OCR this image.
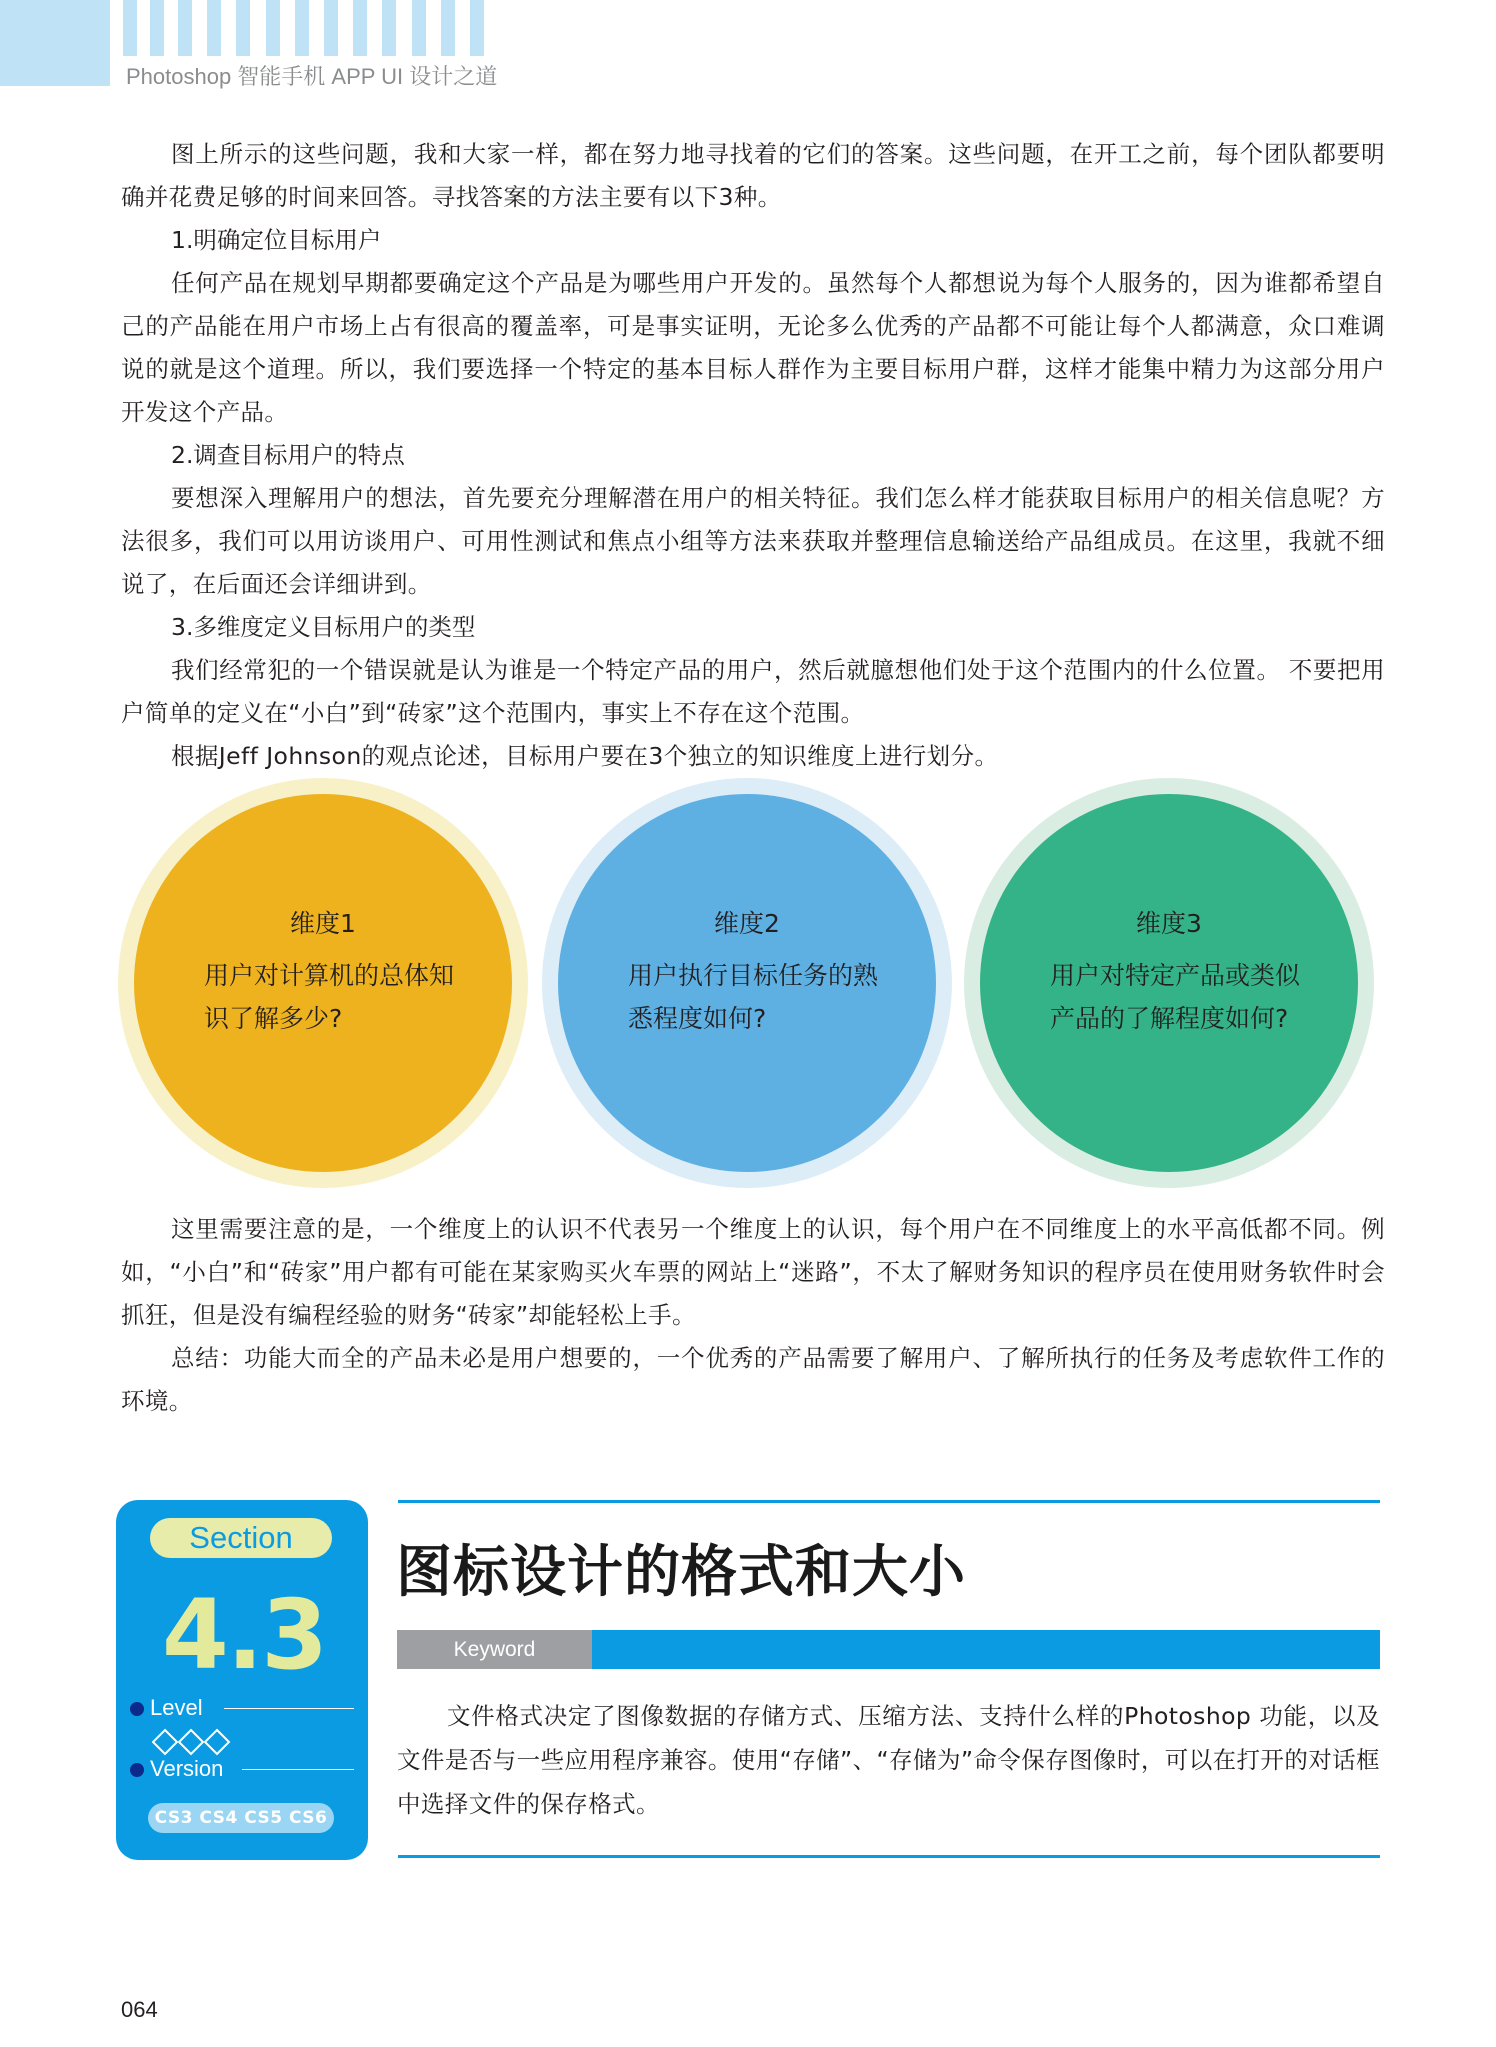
Photoshop 智能手机 APP UI 设计之道

图上所示的这些问题，我和大家一样，都在努力地寻找着的它们的答案。这些问题，在开工之前，每个团队都要明确并花费足够的时间来回答。寻找答案的方法主要有以下3种。

1.明确定位目标用户

任何产品在规划早期都要确定这个产品是为哪些用户开发的。虽然每个人都想说为每个人服务的，因为谁都希望自己的产品能在用户市场上占有很高的覆盖率，可是事实证明，无论多么优秀的产品都不可能让每个人都满意，众口难调说的就是这个道理。所以，我们要选择一个特定的基本目标人群作为主要目标用户群，这样才能集中精力为这部分用户开发这个产品。

2.调查目标用户的特点

要想深入理解用户的想法，首先要充分理解潜在用户的相关特征。我们怎么样才能获取目标用户的相关信息呢？方法很多，我们可以用访谈用户、可用性测试和焦点小组等方法来获取并整理信息输送给产品组成员。在这里，我就不细说了，在后面还会详细讲到。

3.多维度定义目标用户的类型

我们经常犯的一个错误就是认为谁是一个特定产品的用户，然后就臆想他们处于这个范围内的什么位置。 不要把用户简单的定义在“小白”到“砖家”这个范围内，事实上不存在这个范围。

根据Jeff Johnson的观点论述，目标用户要在3个独立的知识维度上进行划分。

维度1
用户对计算机的总体知识了解多少?
维度2
用户执行目标任务的熟悉程度如何?
维度3
用户对特定产品或类似产品的了解程度如何?

这里需要注意的是，一个维度上的认识不代表另一个维度上的认识，每个用户在不同维度上的水平高低都不同。例如，“小白”和“砖家”用户都有可能在某家购买火车票的网站上“迷路”，不太了解财务知识的程序员在使用财务软件时会抓狂，但是没有编程经验的财务“砖家”却能轻松上手。

总结：功能大而全的产品未必是用户想要的，一个优秀的产品需要了解用户、了解所执行的任务及考虑软件工作的环境。

Section
4.3
Level
Version
CS3 CS4 CS5 CS6
图标设计的格式和大小
Keyword

文件格式决定了图像数据的存储方式、压缩方法、支持什么样的Photoshop 功能，以及文件是否与一些应用程序兼容。使用“存储”、“存储为”命令保存图像时，可以在打开的对话框中选择文件的保存格式。

064
